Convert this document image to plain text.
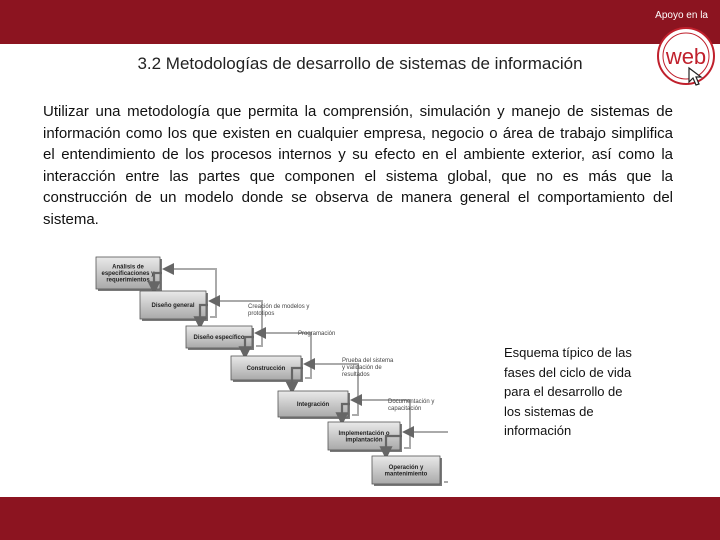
Apoyo en la
web
3.2 Metodologías de desarrollo de sistemas de información
Utilizar una metodología que permita la comprensión, simulación y manejo de sistemas de información como los que existen en cualquier empresa, negocio o área de trabajo simplifica el entendimiento de los procesos internos y su efecto en el ambiente exterior, así como la interacción entre las partes que componen el sistema global, que no es más que la construcción de un modelo donde se observa de manera general el comportamiento del sistema.
Análisis de
especificaciones y
requerimientos
Diseño general
Diseño específico
Construcción
Integración
Implementación o
implantación
Operación y
mantenimiento
Creación de modelos y
prototipos
Programación
Prueba del sistema
y validación de
resultados
Documentación y
capacitación
Esquema típico de las fases del ciclo de vida para el desarrollo de los sistemas de información
